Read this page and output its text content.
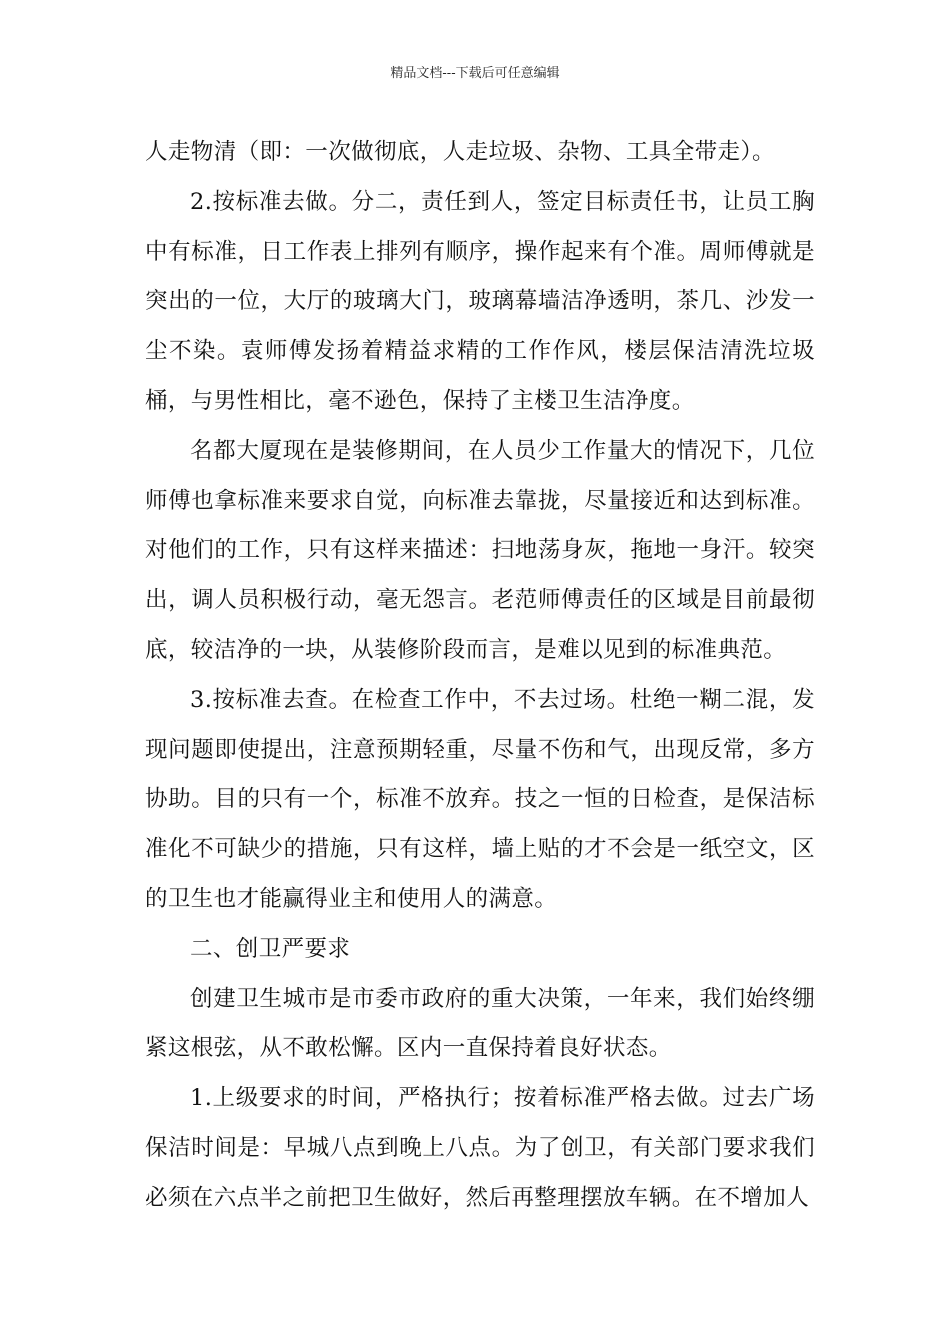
精品文档---下载后可任意编辑

人走物清（即：一次做彻底，人走垃圾、杂物、工具全带走）。

2.按标准去做。分二，责任到人，签定目标责任书，让员工胸中有标准，日工作表上排列有顺序，操作起来有个准。周师傅就是突出的一位，大厅的玻璃大门，玻璃幕墙洁净透明，茶几、沙发一尘不染。袁师傅发扬着精益求精的工作作风，楼层保洁清洗垃圾桶，与男性相比，毫不逊色，保持了主楼卫生洁净度。

名都大厦现在是装修期间，在人员少工作量大的情况下，几位师傅也拿标准来要求自觉，向标准去靠拢，尽量接近和达到标准。对他们的工作，只有这样来描述：扫地荡身灰，拖地一身汗。较突出，调人员积极行动，毫无怨言。老范师傅责任的区域是目前最彻底，较洁净的一块，从装修阶段而言，是难以见到的标准典范。

3.按标准去查。在检查工作中，不去过场。杜绝一糊二混，发现问题即使提出，注意预期轻重，尽量不伤和气，出现反常，多方协助。目的只有一个，标准不放弃。技之一恒的日检查，是保洁标准化不可缺少的措施，只有这样，墙上贴的才不会是一纸空文，区的卫生也才能赢得业主和使用人的满意。

二、创卫严要求

创建卫生城市是市委市政府的重大决策，一年来，我们始终绷紧这根弦，从不敢松懈。区内一直保持着良好状态。

1.上级要求的时间，严格执行；按着标准严格去做。过去广场保洁时间是：早城八点到晚上八点。为了创卫，有关部门要求我们必须在六点半之前把卫生做好，然后再整理摆放车辆。在不增加人
